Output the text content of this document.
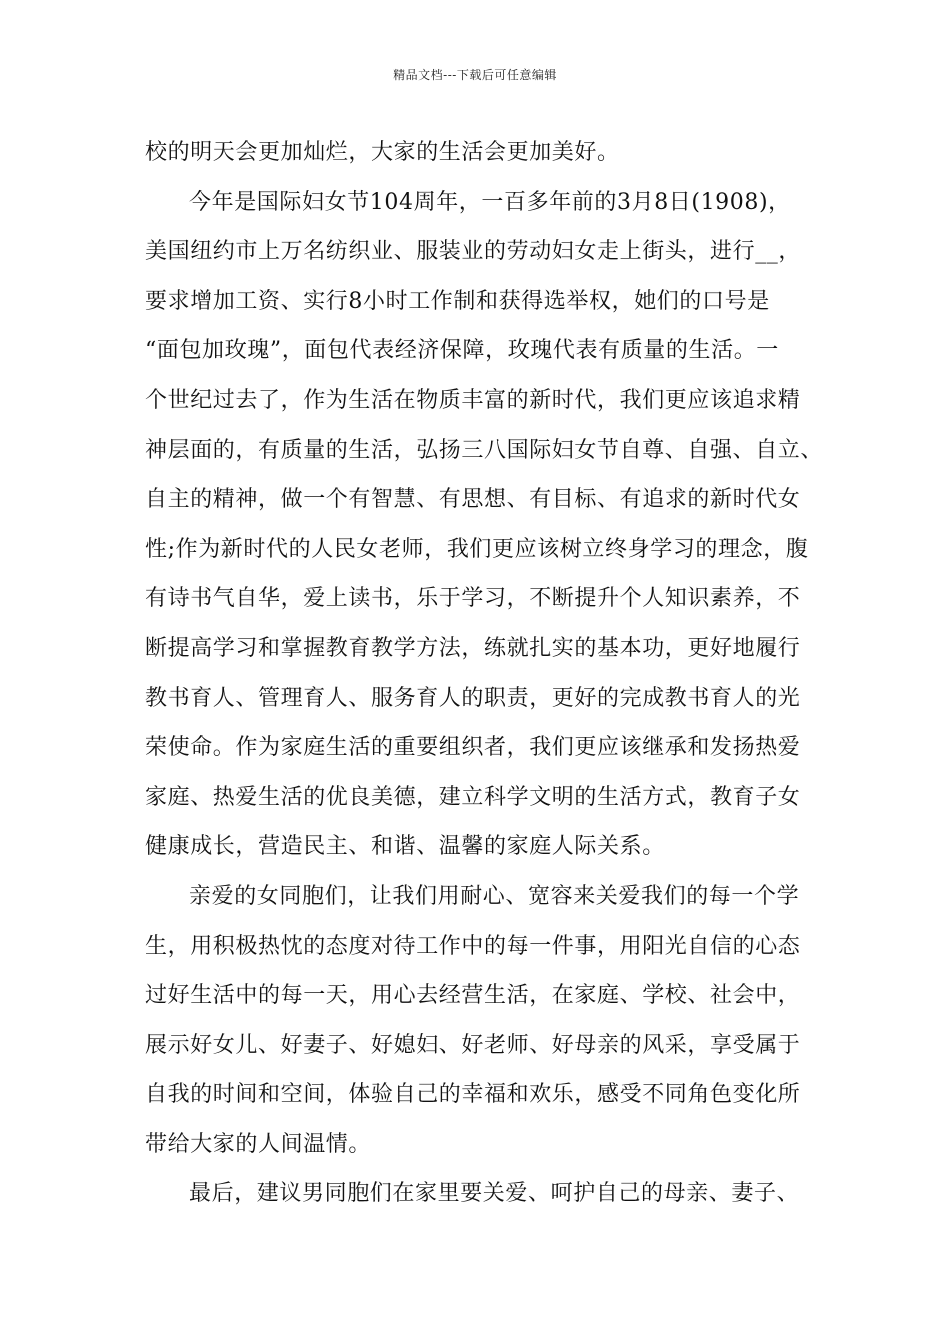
精品文档---下载后可任意编辑
校的明天会更加灿烂，大家的生活会更加美好。
今年是国际妇女节104周年，一百多年前的3月8日(1908)，
美国纽约市上万名纺织业、服装业的劳动妇女走上街头，进行__，
要求增加工资、实行8小时工作制和获得选举权，她们的口号是
“面包加玫瑰”，面包代表经济保障，玫瑰代表有质量的生活。一
个世纪过去了，作为生活在物质丰富的新时代，我们更应该追求精
神层面的，有质量的生活，弘扬三八国际妇女节自尊、自强、自立、
自主的精神，做一个有智慧、有思想、有目标、有追求的新时代女
性;作为新时代的人民女老师，我们更应该树立终身学习的理念，腹
有诗书气自华，爱上读书，乐于学习，不断提升个人知识素养，不
断提高学习和掌握教育教学方法，练就扎实的基本功，更好地履行
教书育人、管理育人、服务育人的职责，更好的完成教书育人的光
荣使命。作为家庭生活的重要组织者，我们更应该继承和发扬热爱
家庭、热爱生活的优良美德，建立科学文明的生活方式，教育子女
健康成长，营造民主、和谐、温馨的家庭人际关系。
亲爱的女同胞们，让我们用耐心、宽容来关爱我们的每一个学
生，用积极热忱的态度对待工作中的每一件事，用阳光自信的心态
过好生活中的每一天，用心去经营生活，在家庭、学校、社会中，
展示好女儿、好妻子、好媳妇、好老师、好母亲的风采，享受属于
自我的时间和空间，体验自己的幸福和欢乐，感受不同角色变化所
带给大家的人间温情。
最后，建议男同胞们在家里要关爱、呵护自己的母亲、妻子、
